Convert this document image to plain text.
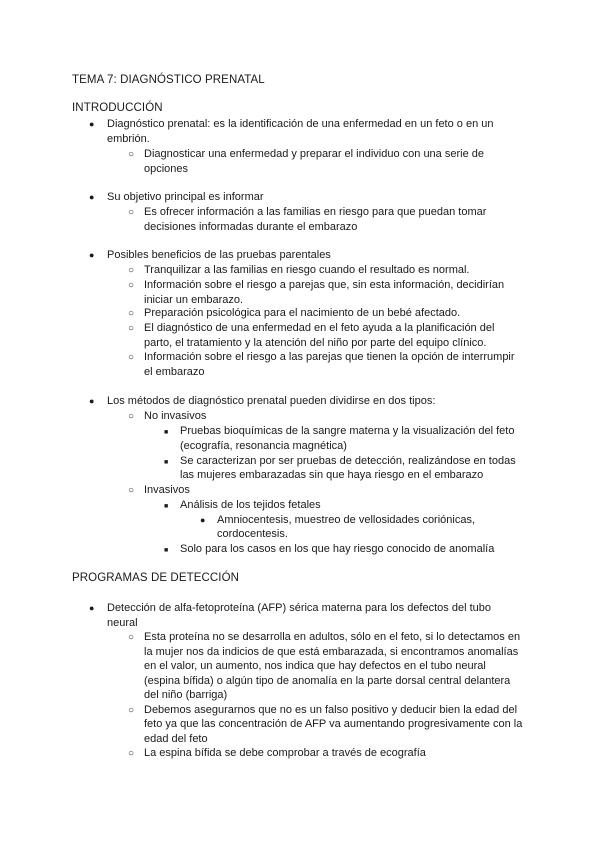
TEMA 7: DIAGNÓSTICO PRENATAL
INTRODUCCIÓN
● Diagnóstico prenatal: es la identificación de una enfermedad en un feto o en un
embrión.
○ Diagnosticar una enfermedad y preparar el individuo con una serie de
opciones
● Su objetivo principal es informar
○ Es ofrecer información a las familias en riesgo para que puedan tomar
decisiones informadas durante el embarazo
● Posibles beneficios de las pruebas parentales
○ Tranquilizar a las familias en riesgo cuando el resultado es normal.
○ Información sobre el riesgo a parejas que, sin esta información, decidirían
iniciar un embarazo.
○ Preparación psicológica para el nacimiento de un bebé afectado.
○ El diagnóstico de una enfermedad en el feto ayuda a la planificación del
parto, el tratamiento y la atención del niño por parte del equipo clínico.
○ Información sobre el riesgo a las parejas que tienen la opción de interrumpir
el embarazo
● Los métodos de diagnóstico prenatal pueden dividirse en dos tipos:
○ No invasivos
■ Pruebas bioquímicas de la sangre materna y la visualización del feto
(ecografía, resonancia magnética)
■ Se caracterizan por ser pruebas de detección, realizándose en todas
las mujeres embarazadas sin que haya riesgo en el embarazo
○ Invasivos
■ Análisis de los tejidos fetales
● Amniocentesis, muestreo de vellosidades coriónicas,
cordocentesis.
■ Solo para los casos en los que hay riesgo conocido de anomalía
PROGRAMAS DE DETECCIÓN
● Detección de alfa-fetoproteína (AFP) sérica materna para los defectos del tubo
neural
○ Esta proteína no se desarrolla en adultos, sólo en el feto, si lo detectamos en
la mujer nos da indicios de que está embarazada, si encontramos anomalías
en el valor, un aumento, nos indica que hay defectos en el tubo neural
(espina bífida) o algún tipo de anomalía en la parte dorsal central delantera
del niño (barriga)
○ Debemos asegurarnos que no es un falso positivo y deducir bien la edad del
feto ya que las concentración de AFP va aumentando progresivamente con la
edad del feto
○ La espina bífida se debe comprobar a través de ecografía
